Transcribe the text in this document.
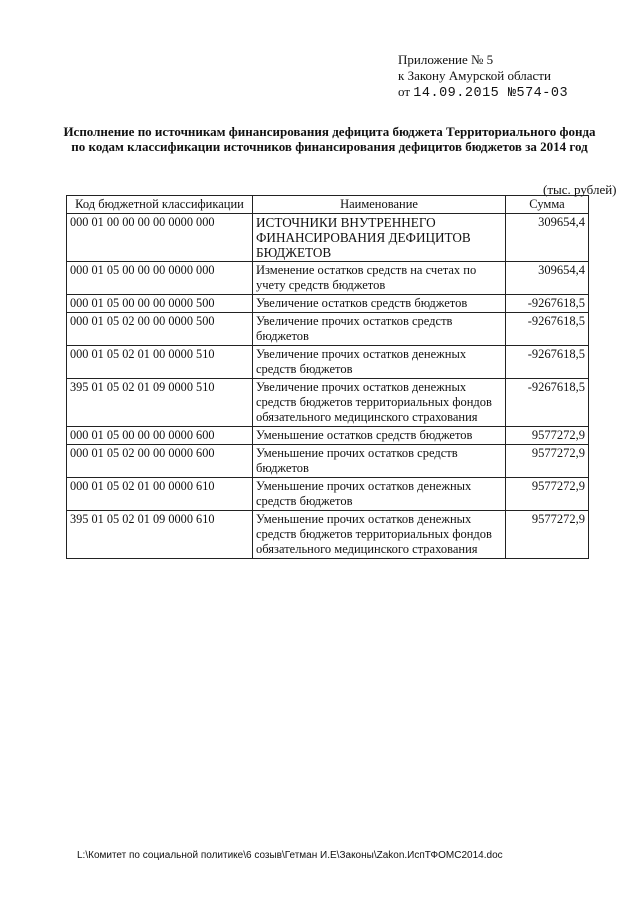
Приложение № 5
к Закону Амурской области
от 14.09.2015 №574-03
Исполнение по источникам финансирования дефицита бюджета Территориального фонда по кодам классификации источников финансирования дефицитов бюджетов за 2014 год
(тыс. рублей)
Код бюджетной классификации	Наименование	Сумма
000 01 00 00 00 00 0000 000	ИСТОЧНИКИ ВНУТРЕННЕГО ФИНАНСИРОВАНИЯ ДЕФИЦИТОВ БЮДЖЕТОВ	309654,4
000 01 05 00 00 00 0000 000	Изменение остатков средств на счетах по учету средств бюджетов	309654,4
000 01 05 00 00 00 0000 500	Увеличение остатков средств бюджетов	-9267618,5
000 01 05 02 00 00 0000 500	Увеличение прочих остатков средств бюджетов	-9267618,5
000 01 05 02 01 00 0000 510	Увеличение прочих остатков денежных средств бюджетов	-9267618,5
395 01 05 02 01 09 0000 510	Увеличение прочих остатков денежных средств бюджетов территориальных фондов обязательного медицинского страхования	-9267618,5
000 01 05 00 00 00 0000 600	Уменьшение остатков средств бюджетов	9577272,9
000 01 05 02 00 00 0000 600	Уменьшение прочих остатков средств бюджетов	9577272,9
000 01 05 02 01 00 0000 610	Уменьшение прочих остатков денежных средств бюджетов	9577272,9
395 01 05 02 01 09 0000 610	Уменьшение прочих остатков денежных средств бюджетов территориальных фондов обязательного медицинского страхования	9577272,9
L:\Комитет по социальной политике\6 созыв\Гетман И.Е\Законы\Zakon.ИспТФОМС2014.doc
